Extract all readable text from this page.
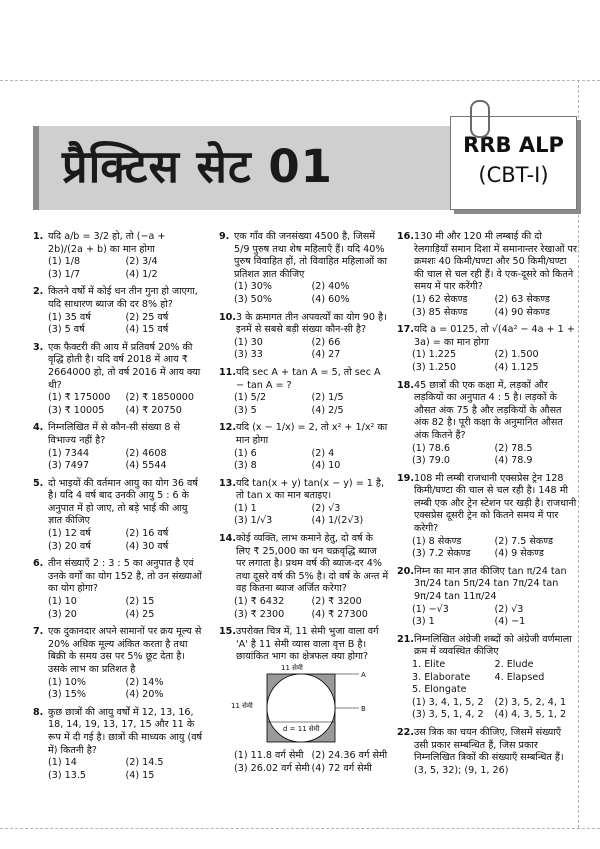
प्रैक्टिस सेट 01	RRB ALP
(CBT-I)
1. यदि a/b = 3/2 हो, तो (−a + 2b)/(2a + b) का मान होगा
(1) 1/8	(2) 3/4
(3) 1/7	(4) 1/2
2. कितने वर्षों में कोई धन तीन गुना हो जाएगा, यदि साधारण ब्याज की दर 8% हो?
(1) 35 वर्ष	(2) 25 वर्ष
(3) 5 वर्ष	(4) 15 वर्ष
3. एक फैक्टरी की आय में प्रतिवर्ष 20% की वृद्धि होती है। यदि वर्ष 2018 में आय ₹ 2664000 हो, तो वर्ष 2016 में आय क्या थी?
(1) ₹ 175000	(2) ₹ 1850000
(3) ₹ 10005	(4) ₹ 20750
4. निम्नलिखित में से कौन-सी संख्या 8 से विभाज्य नहीं है?
(1) 7344	(2) 4608
(3) 7497	(4) 5544
5. दो भाइयों की वर्तमान आयु का योग 36 वर्ष है। यदि 4 वर्ष बाद उनकी आयु 5 : 6 के अनुपात में हो जाए, तो बड़े भाई की आयु ज्ञात कीजिए
(1) 12 वर्ष	(2) 16 वर्ष
(3) 20 वर्ष	(4) 30 वर्ष
6. तीन संख्याएँ 2 : 3 : 5 का अनुपात है एवं उनके वर्गों का योग 152 है, तो उन संख्याओं का योग होगा?
(1) 10	(2) 15
(3) 20	(4) 25
7. एक दुकानदार अपने सामानों पर क्रय मूल्य से 20% अधिक मूल्य अंकित करता है तथा बिक्री के समय उस पर 5% छूट देता है। उसके लाभ का प्रतिशत है
(1) 10%	(2) 14%
(3) 15%	(4) 20%
8. कुछ छात्रों की आयु वर्षों में 12, 13, 16, 18, 14, 19, 13, 17, 15 और 11 के रूप में दी गई है। छात्रों की माध्यक आयु (वर्ष में) कितनी है?
(1) 14	(2) 14.5
(3) 13.5	(4) 15
9. एक गाँव की जनसंख्या 4500 है, जिसमें 5/9 पुरुष तथा शेष महिलाएँ हैं। यदि 40% पुरुष विवाहित हों, तो विवाहित महिलाओं का प्रतिशत ज्ञात कीजिए
(1) 30%	(2) 40%
(3) 50%	(4) 60%
10. 3 के क्रमागत तीन अपवर्त्यों का योग 90 है। इनमें से सबसे बड़ी संख्या कौन-सी है?
(1) 30	(2) 66
(3) 33	(4) 27
11. यदि sec A + tan A = 5, तो sec A − tan A = ?
(1) 5/2	(2) 1/5
(3) 5	(4) 2/5
12. यदि (x − 1/x) = 2, तो x² + 1/x² का मान होगा
(1) 6	(2) 4
(3) 8	(4) 10
13. यदि tan(x + y) tan(x − y) = 1 है, तो tan x का मान बताइए।
(1) 1	(2) √3
(3) 1/√3	(4) 1/(2√3)
14. कोई व्यक्ति, लाभ कमाने हेतु, दो वर्ष के लिए ₹ 25,000 का धन चक्रवृद्धि ब्याज पर लगाता है। प्रथम वर्ष की ब्याज-दर 4% तथा दूसरे वर्ष की 5% है। दो वर्ष के अन्त में वह कितना ब्याज अर्जित करेगा?
(1) ₹ 6432	(2) ₹ 3200
(3) ₹ 2300	(4) ₹ 27300
15. उपरोक्त चित्र में, 11 सेमी भुजा वाला वर्ग 'A' है 11 सेमी व्यास वाला वृत्त B है। छायांकित भाग का क्षेत्रफल क्या होगा?
11 सेमी
11 सेमी
d = 11 सेमी
A
B
(1) 11.8 वर्ग सेमी (2) 24.36 वर्ग सेमी
(3) 26.02 वर्ग सेमी (4) 72 वर्ग सेमी
16. 130 मी और 120 मी लम्बाई की दो रेलगाड़ियाँ समान दिशा में समानान्तर रेखाओं पर क्रमशः 40 किमी/घण्टा और 50 किमी/घण्टा की चाल से चल रही हैं। वे एक-दूसरे को कितने समय में पार करेंगी?
(1) 62 सेकण्ड	(2) 63 सेकण्ड
(3) 85 सेकण्ड	(4) 90 सेकण्ड
17. यदि a = 0125, तो √(4a² − 4a + 1 + 3a) = का मान होगा
(1) 1.225	(2) 1.500
(3) 1.250	(4) 1.125
18. 45 छात्रों की एक कक्षा में, लड़कों और लड़कियों का अनुपात 4 : 5 है। लड़कों के औसत अंक 75 है और लड़कियों के औसत अंक 82 है। पूरी कक्षा के अनुमानित औसत अंक कितने हैं?
(1) 78.6	(2) 78.5
(3) 79.0	(4) 78.9
19. 108 मी लम्बी राजधानी एक्सप्रेस ट्रेन 128 किमी/घण्टा की चाल से चल रही है। 148 मी लम्बी एक और ट्रेन स्टेशन पर खड़ी है। राजधानी एक्सप्रेस दूसरी ट्रेन को कितने समय में पार करेगी?
(1) 8 सेकण्ड	(2) 7.5 सेकण्ड
(3) 7.2 सेकण्ड	(4) 9 सेकण्ड
20. निम्न का मान ज्ञात कीजिए tan π/24 tan 3π/24 tan 5π/24 tan 7π/24 tan 9π/24 tan 11π/24
(1) −√3	(2) √3
(3) 1	(4) −1
21. निम्नलिखित अंग्रेजी शब्दों को अंग्रेजी वर्णमाला क्रम में व्यवस्थित कीजिए
1. Elite	2. Elude
3. Elaborate	4. Elapsed
5. Elongate
(1) 3, 4, 1, 5, 2	(2) 3, 5, 2, 4, 1
(3) 3, 5, 1, 4, 2	(4) 4, 3, 5, 1, 2
22. उस त्रिक का चयन कीजिए, जिसमें संख्याएँ उसी प्रकार सम्बन्धित हैं, जिस प्रकार निम्नलिखित त्रिकों की संख्याएँ सम्बन्धित हैं। (3, 5, 32); (9, 1, 26)
